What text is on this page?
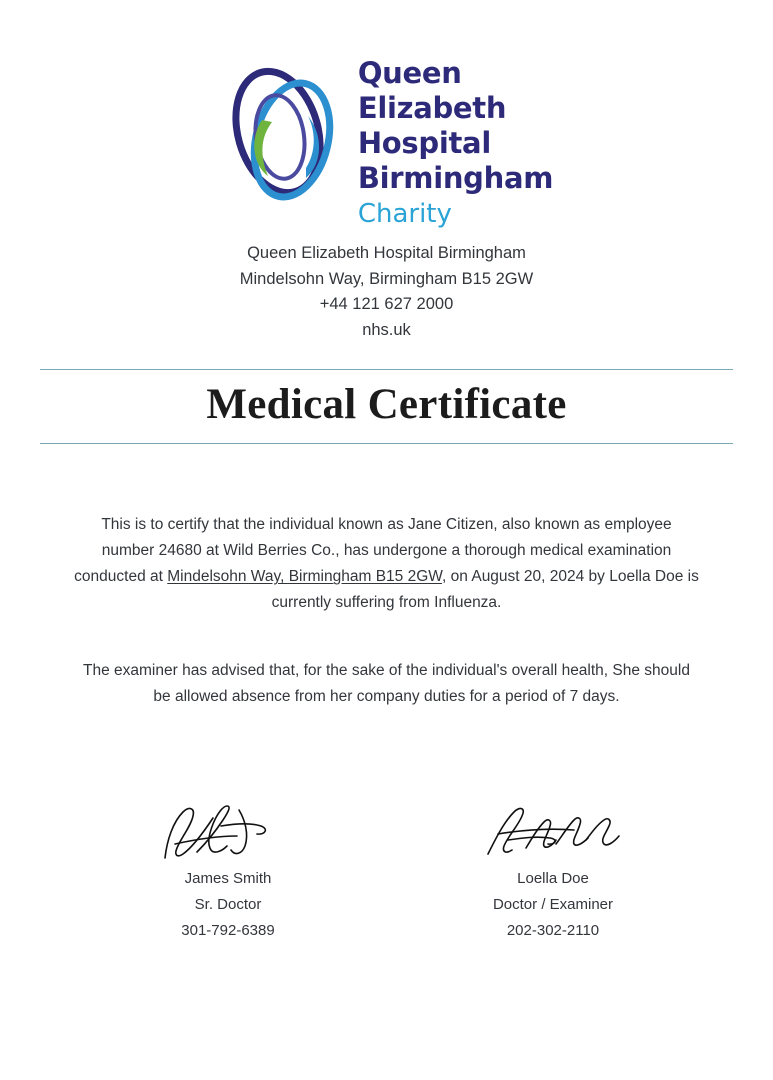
Queen
Elizabeth
Hospital
Birmingham
Charity
Queen Elizabeth Hospital Birmingham
Mindelsohn Way, Birmingham B15 2GW
+44 121 627 2000
nhs.uk
Medical Certificate
This is to certify that the individual known as Jane Citizen, also known as employee number 24680 at Wild Berries Co., has undergone a thorough medical examination conducted at Mindelsohn Way, Birmingham B15 2GW, on August 20, 2024 by Loella Doe is currently suffering from Influenza.
The examiner has advised that, for the sake of the individual's overall health, She should be allowed absence from her company duties for a period of 7 days.
James Smith
Sr. Doctor
301-792-6389
Loella Doe
Doctor / Examiner
202-302-2110
